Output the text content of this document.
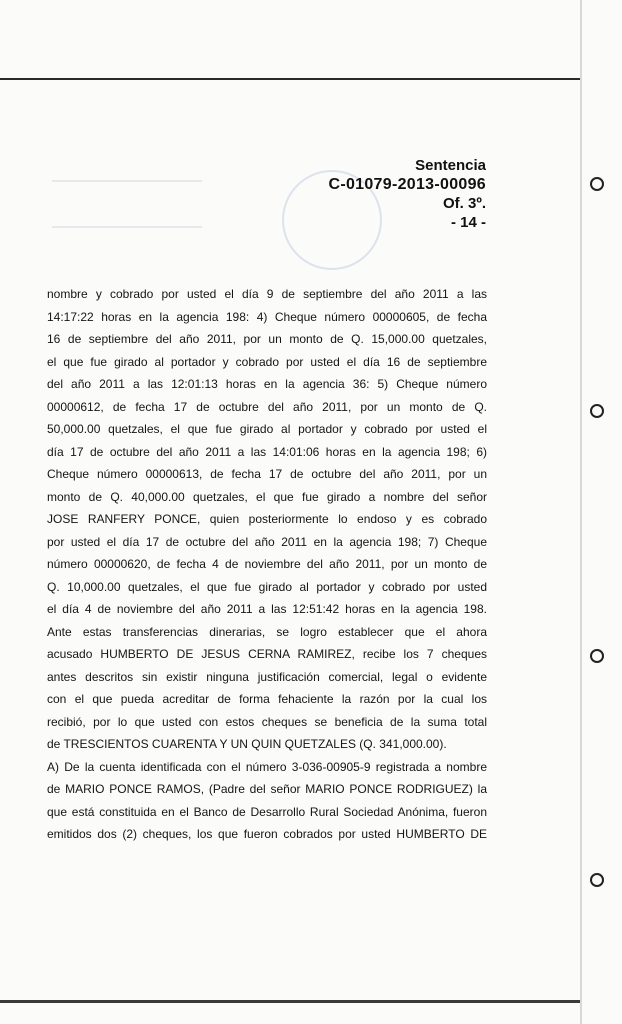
Sentencia
C-01079-2013-00096
Of. 3º.
- 14 -
nombre y cobrado por usted el día 9 de septiembre del año 2011 a las
14:17:22 horas en la agencia 198: 4) Cheque número 00000605, de fecha
16 de septiembre del año 2011, por un monto de Q. 15,000.00 quetzales,
el que fue girado al portador y cobrado por usted el día 16 de septiembre
del año 2011 a las 12:01:13 horas en la agencia 36: 5) Cheque número
00000612, de fecha 17 de octubre del año 2011, por un monto de Q.
50,000.00 quetzales, el que fue girado al portador y cobrado por usted el
día 17 de octubre del año 2011 a las 14:01:06 horas en la agencia 198; 6)
Cheque número 00000613, de fecha 17 de octubre del año 2011, por un
monto de Q. 40,000.00 quetzales, el que fue girado a nombre del señor
JOSE RANFERY PONCE, quien posteriormente lo endoso y es cobrado
por usted el día 17 de octubre del año 2011 en la agencia 198; 7) Cheque
número 00000620, de fecha 4 de noviembre del año 2011, por un monto de
Q. 10,000.00 quetzales, el que fue girado al portador y cobrado por usted
el día 4 de noviembre del año 2011 a las 12:51:42 horas en la agencia 198.
Ante estas transferencias dinerarias, se logro establecer que el ahora
acusado HUMBERTO DE JESUS CERNA RAMIREZ, recibe los 7 cheques
antes descritos sin existir ninguna justificación comercial, legal o evidente
con el que pueda acreditar de forma fehaciente la razón por la cual los
recibió, por lo que usted con estos cheques se beneficia de la suma total
de TRESCIENTOS CUARENTA Y UN QUIN QUETZALES (Q. 341,000.00).
A) De la cuenta identificada con el número 3-036-00905-9 registrada a nombre
de MARIO PONCE RAMOS, (Padre del señor MARIO PONCE RODRIGUEZ) la
que está constituida en el Banco de Desarrollo Rural Sociedad Anónima, fueron
emitidos dos (2) cheques, los que fueron cobrados por usted HUMBERTO DE
